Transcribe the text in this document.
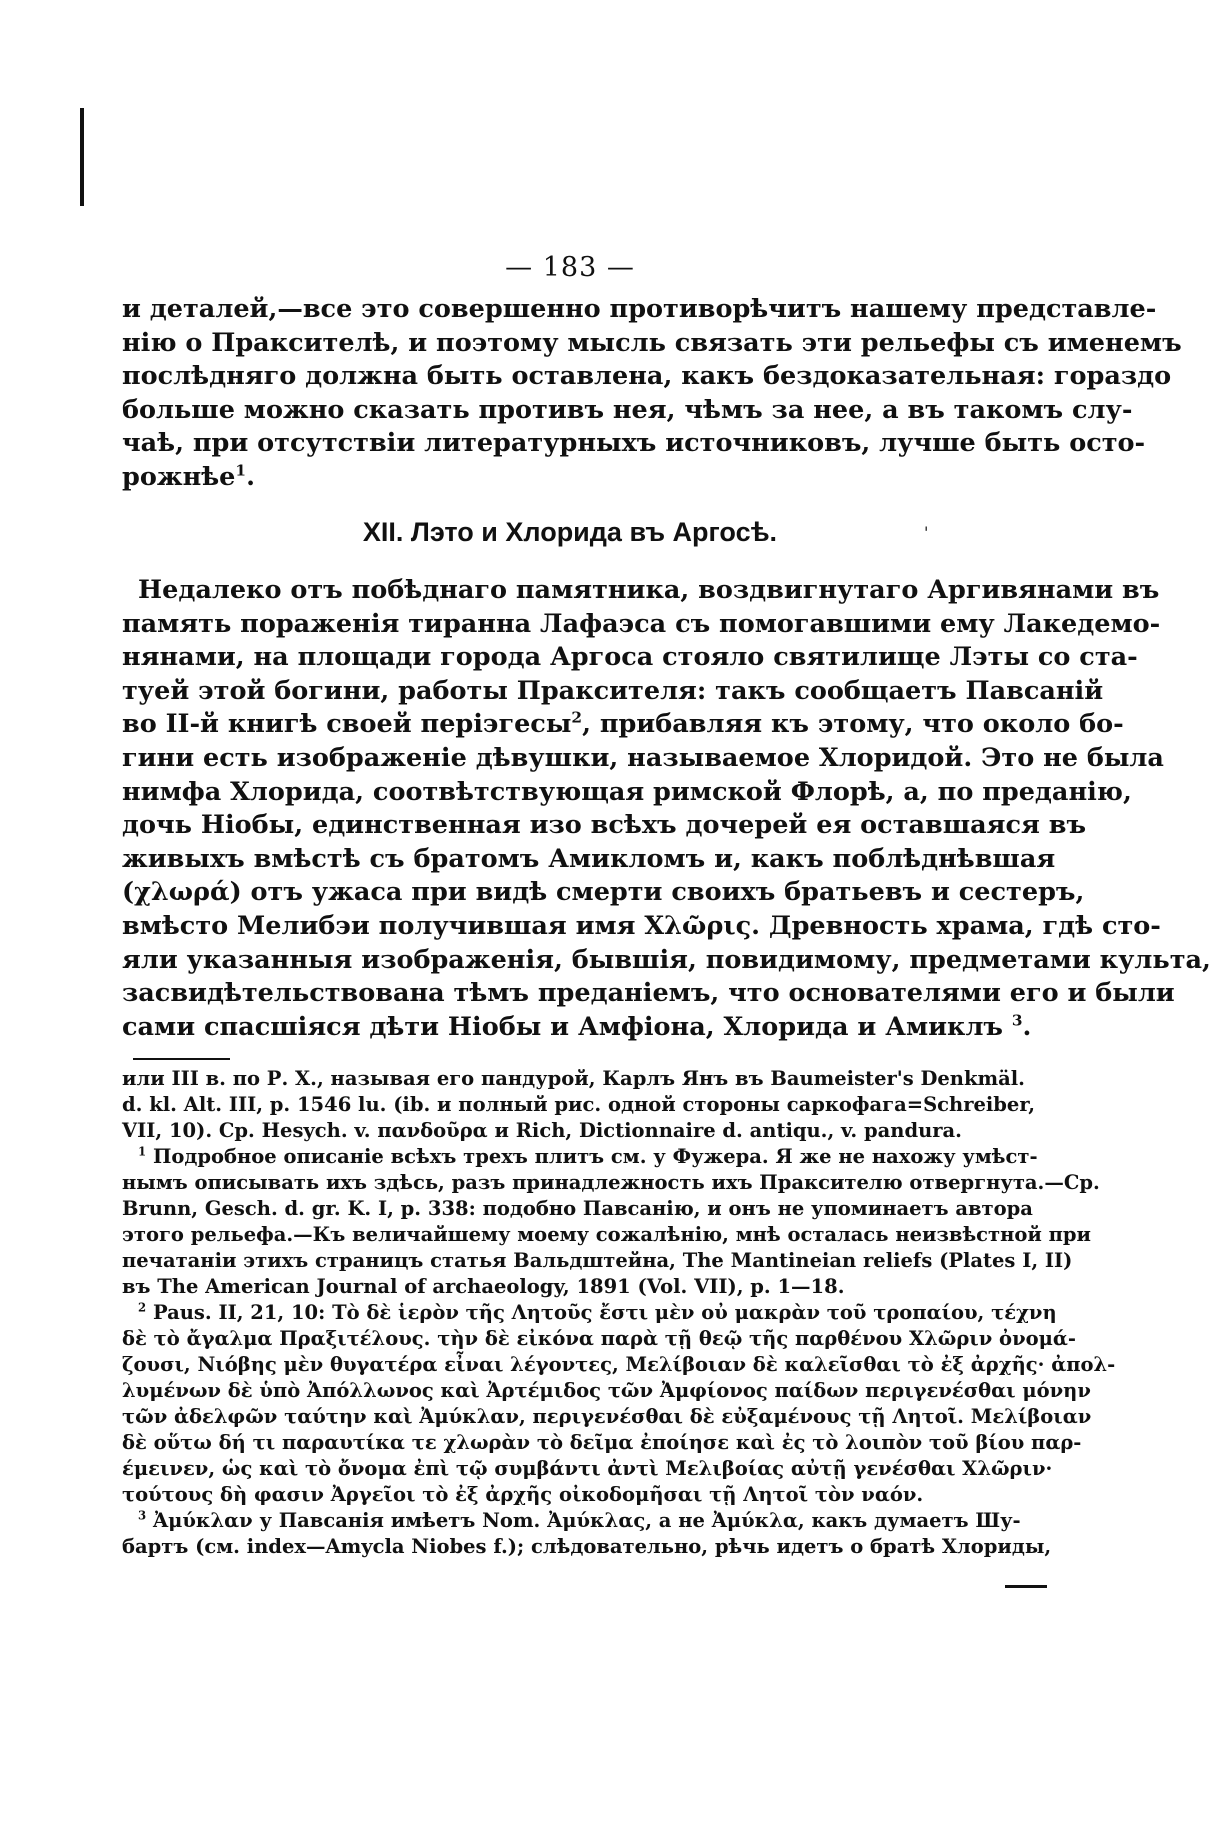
— 183 —
и деталей,—все это совершенно противорѣчитъ нашему представле-
нію о Праксителѣ, и поэтому мысль связать эти рельефы съ именемъ
послѣдняго должна быть оставлена, какъ бездоказательная: гораздо
больше можно сказать противъ нея, чѣмъ за нее, а въ такомъ слу-
чаѣ, при отсутствіи литературныхъ источниковъ, лучше быть осто-
рожнѣе$^1$.
XII. Лэто и Хлорида въ Аргосѣ.	'
Недалеко отъ побѣднаго памятника, воздвигнутаго Аргивянами въ
память пораженія тиранна Лафаэса съ помогавшими ему Лакедемо-
нянами, на площади города Аргоса стояло святилище Лэты со ста-
туей этой богини, работы Праксителя: такъ сообщаетъ Павсаній
во II-й книгѣ своей періэгесы$^2$, прибавляя къ этому, что около бо-
гини есть изображеніе дѣвушки, называемое Хлоридой. Это не была
нимфа Хлорида, соотвѣтствующая римской Флорѣ, а, по преданію,
дочь Ніобы, единственная изо всѣхъ дочерей ея оставшаяся въ
живыхъ вмѣстѣ съ братомъ Амикломъ и, какъ поблѣднѣвшая
(χλωρά) отъ ужаса при видѣ смерти своихъ братьевъ и сестеръ,
вмѣсто Мелибэи получившая имя Χλῶρις. Древность храма, гдѣ сто-
яли указанныя изображенія, бывшія, повидимому, предметами культа,
засвидѣтельствована тѣмъ преданіемъ, что основателями его и были
сами спасшіяся дѣти Ніобы и Амфіона, Хлорида и Амиклъ $^3$.
или III в. по Р. Х., называя его пандурой, Карлъ Янъ въ Baumeister's Denkmäl.
d. kl. Alt. III, p. 1546 lu. (ib. и полный рис. одной стороны саркофага=Schreiber,
VII, 10). Ср. Hesych. v. πανδοῦρα и Rich, Dictionnaire d. antiqu., v. pandura.
$^1$ Подробное описаніе всѣхъ трехъ плитъ см. у Фужера. Я же не нахожу умѣст-
нымъ описывать ихъ здѣсь, разъ принадлежность ихъ Праксителю отвергнута.—Ср.
Brunn, Gesch. d. gr. K. I, p. 338: подобно Павсанію, и онъ не упоминаетъ автора
этого рельефа.—Къ величайшему моему сожалѣнію, мнѣ осталась неизвѣстной при
печатаніи этихъ страницъ статья Вальдштейна, The Mantineian reliefs (Plates I, II)
въ The American Journal of archaeology, 1891 (Vol. VII), p. 1—18.
$^2$ Paus. II, 21, 10: Τὸ δὲ ἱερὸν τῆς Λητοῦς ἔστι μὲν οὐ μακρὰν τοῦ τροπαίου, τέχνη
δὲ τὸ ἄγαλμα Πραξιτέλους. τὴν δὲ εἰκόνα παρὰ τῇ θεῷ τῆς παρθένου Χλῶριν ὀνομά-
ζουσι, Νιόβης μὲν θυγατέρα εἶναι λέγοντες, Μελίβοιαν δὲ καλεῖσθαι τὸ ἐξ ἀρχῆς· ἀπολ-
λυμένων δὲ ὑπὸ Ἀπόλλωνος καὶ Ἀρτέμιδος τῶν Ἀμφίονος παίδων περιγενέσθαι μόνην
τῶν ἀδελφῶν ταύτην καὶ Ἀμύκλαν, περιγενέσθαι δὲ εὐξαμένους τῇ Λητοῖ. Μελίβοιαν
δὲ οὕτω δή τι παραυτίκα τε χλωρὰν τὸ δεῖμα ἐποίησε καὶ ἐς τὸ λοιπὸν τοῦ βίου παρ-
έμεινεν, ὡς καὶ τὸ ὄνομα ἐπὶ τῷ συμβάντι ἀντὶ Μελιβοίας αὐτῇ γενέσθαι Χλῶριν·
τούτους δὴ φασιν Ἀργεῖοι τὸ ἐξ ἀρχῆς οἰκοδομῆσαι τῇ Λητοῖ τὸν ναόν.
$^3$ Ἀμύκλαν у Павсанія имѣетъ Nom. Ἀμύκλας, а не Ἀμύκλα, какъ думаетъ Шу-
бартъ (см. index—Amycla Niobes f.); слѣдовательно, рѣчь идетъ о братѣ Хлориды,
